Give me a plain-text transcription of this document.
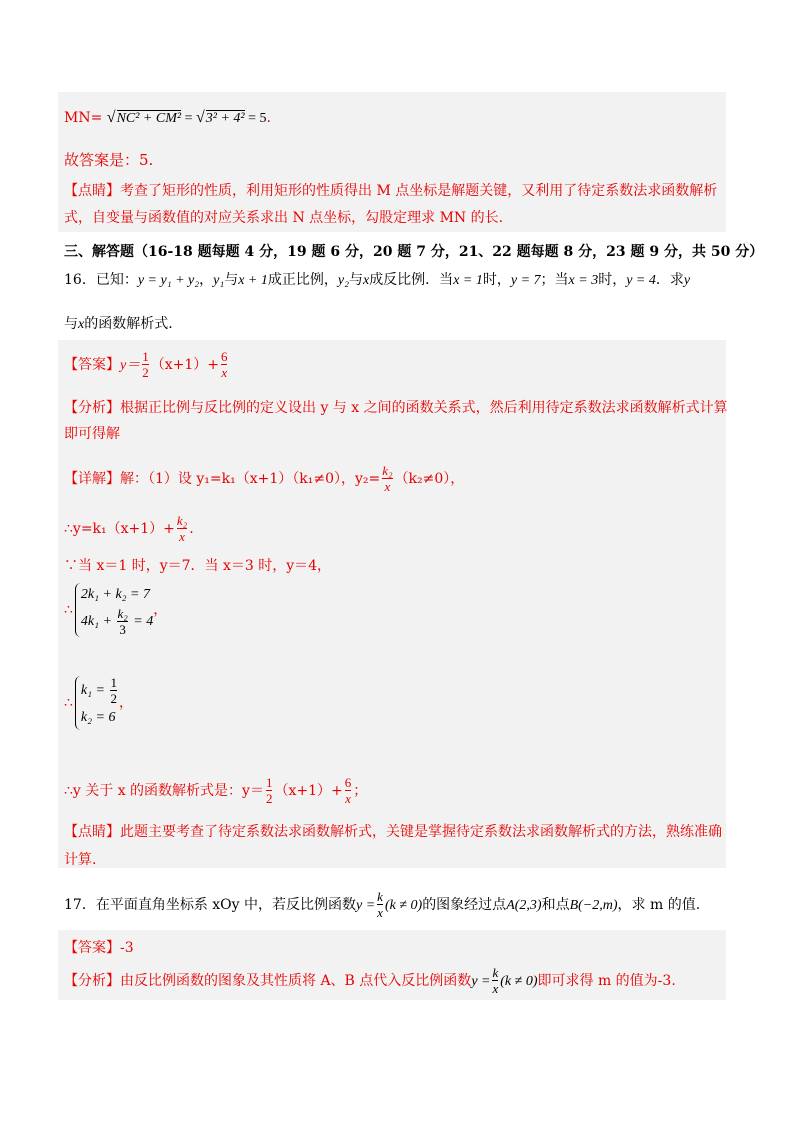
MN= √NC² + CM² = √3² + 4² = 5.
故答案是：5.
【点睛】考查了矩形的性质，利用矩形的性质得出 M 点坐标是解题关键，又利用了待定系数法求函数解析
式，自变量与函数值的对应关系求出 N 点坐标，勾股定理求 MN 的长.
三、解答题（16-18 题每题 4 分，19 题 6 分，20 题 7 分，21、22 题每题 8 分，23 题 9 分，共 50 分）
16．已知：y = y₁ + y₂，y₁与x + 1成正比例，y₂与x成反比例．当x = 1时，y = 7；当x = 3时，y = 4．求y
与x的函数解析式.
【答案】$y= \frac{1}{2} (x+1)+ \frac{6}{x}$
【分析】根据正比例与反比例的定义设出 y 与 x 之间的函数关系式，然后利用待定系数法求函数解析式计算
即可得解
【详解】解：（1）设 y₁=k₁（x+1）（k₁≠0），$y_2= \frac{\text{k₂}}{x} (k_2\ne 0)$，
∴y=k₁（x+1）+ $\frac{\text{k₂}}{x}$ .
∵当 x＝1 时，y＝7．当 x＝3 时，y＝4，
∴
2k₁ + k₂ = 7
$4k_1 + \frac{\text{k₂}}{3} = 4$
，
∴
$k_1 = \frac{1}{2}$
k₂ = 6
，
∴y 关于 x 的函数解析式是：$y= \frac{1}{2} (x+1)+ \frac{6}{x}$ ；
【点睛】此题主要考查了待定系数法求函数解析式，关键是掌握待定系数法求函数解析式的方法，熟练准确
计算.
17．在平面直角坐标系 xOy 中，若反比例函数$y = \frac{k}{x} (k \ne 0)$的图象经过点A(2,3)和点B(−2,m)，求 m 的值.
【答案】-3
【分析】由反比例函数的图象及其性质将 A、B 点代入反比例函数$y = \frac{k}{x} (k \ne 0)$即可求得 m 的值为-3.
